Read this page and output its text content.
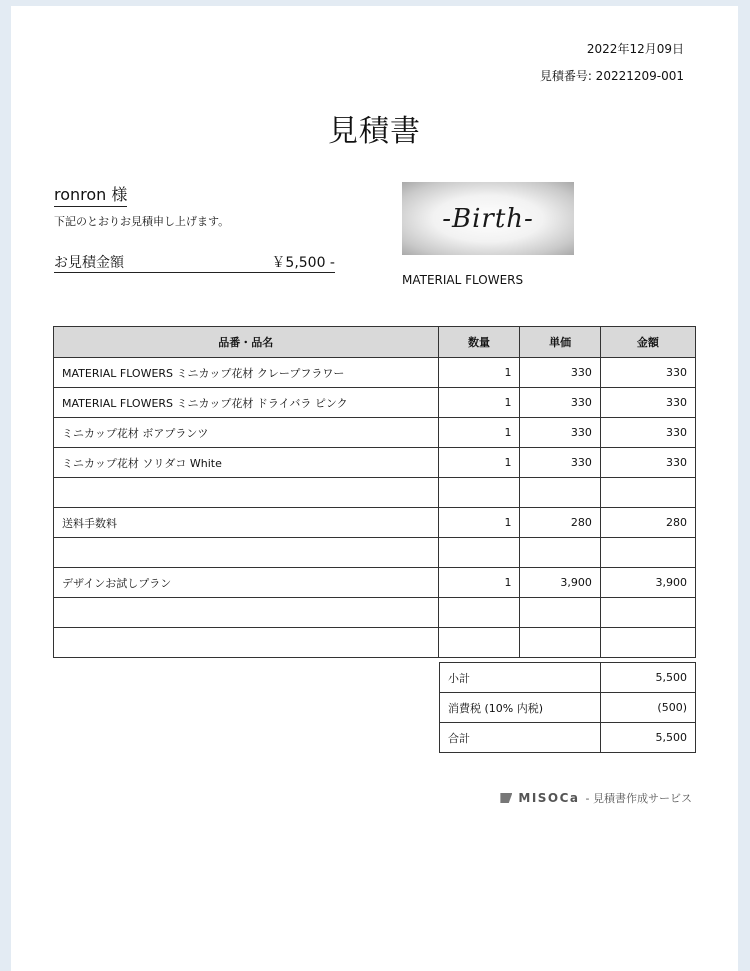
2022年12月09日
見積番号: 20221209-001
見積書
ronron 様
下記のとおりお見積申し上げます。
お見積金額	￥5,500 -
-Birth-
MATERIAL FLOWERS
品番・品名	数量	単価	金額
MATERIAL FLOWERS ミニカップ花材 クレープフラワー	1	330	330
MATERIAL FLOWERS ミニカップ花材 ドライバラ ピンク	1	330	330
ミニカップ花材 ボアプランツ	1	330	330
ミニカップ花材 ソリダコ White	1	330	330

送料手数料	1	280	280

デザインお試しプラン	1	3,900	3,900

小計	5,500
消費税 (10% 内税)	(500)
合計	5,500
MISOCa - 見積書作成サービス
